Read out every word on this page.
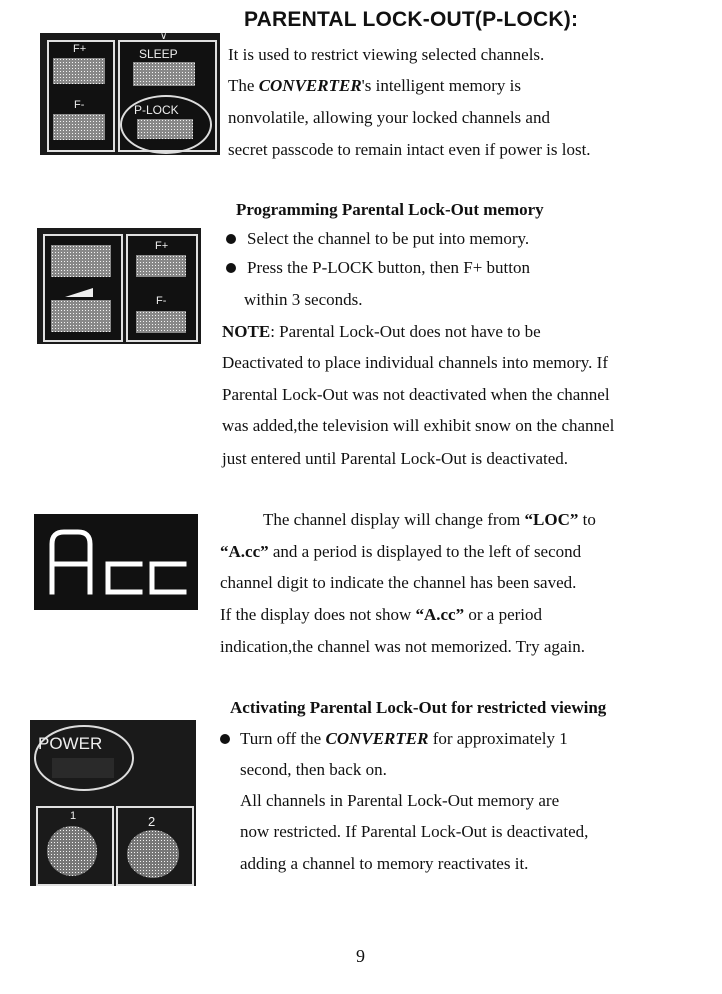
PARENTAL LOCK-OUT(P-LOCK):
F+
F-
∨
SLEEP
P-LOCK
It is used to restrict viewing selected channels.
The CONVERTER's intelligent memory is
nonvolatile, allowing your locked channels and
secret passcode to remain intact even if power is lost.
Programming Parental Lock-Out memory
F+
F-
Select the channel to be put into memory.
Press the P-LOCK button, then F+ button
within 3 seconds.
NOTE: Parental Lock-Out does not have to be
Deactivated to place individual channels into memory. If
Parental Lock-Out was not deactivated when the channel
was added,the television will exhibit snow on the channel
just entered until Parental Lock-Out is deactivated.
The channel display will change from “LOC” to
“A.cc” and a period is displayed to the left of second
channel digit to indicate the channel has been saved.
If the display does not show “A.cc” or a period
indication,the channel was not memorized. Try again.
Activating Parental Lock-Out for restricted viewing
POWER
1	2
Turn off the CONVERTER for approximately 1
second, then back on.
All channels in Parental Lock-Out memory are
now restricted. If Parental Lock-Out is deactivated,
adding a channel to memory reactivates it.
9
